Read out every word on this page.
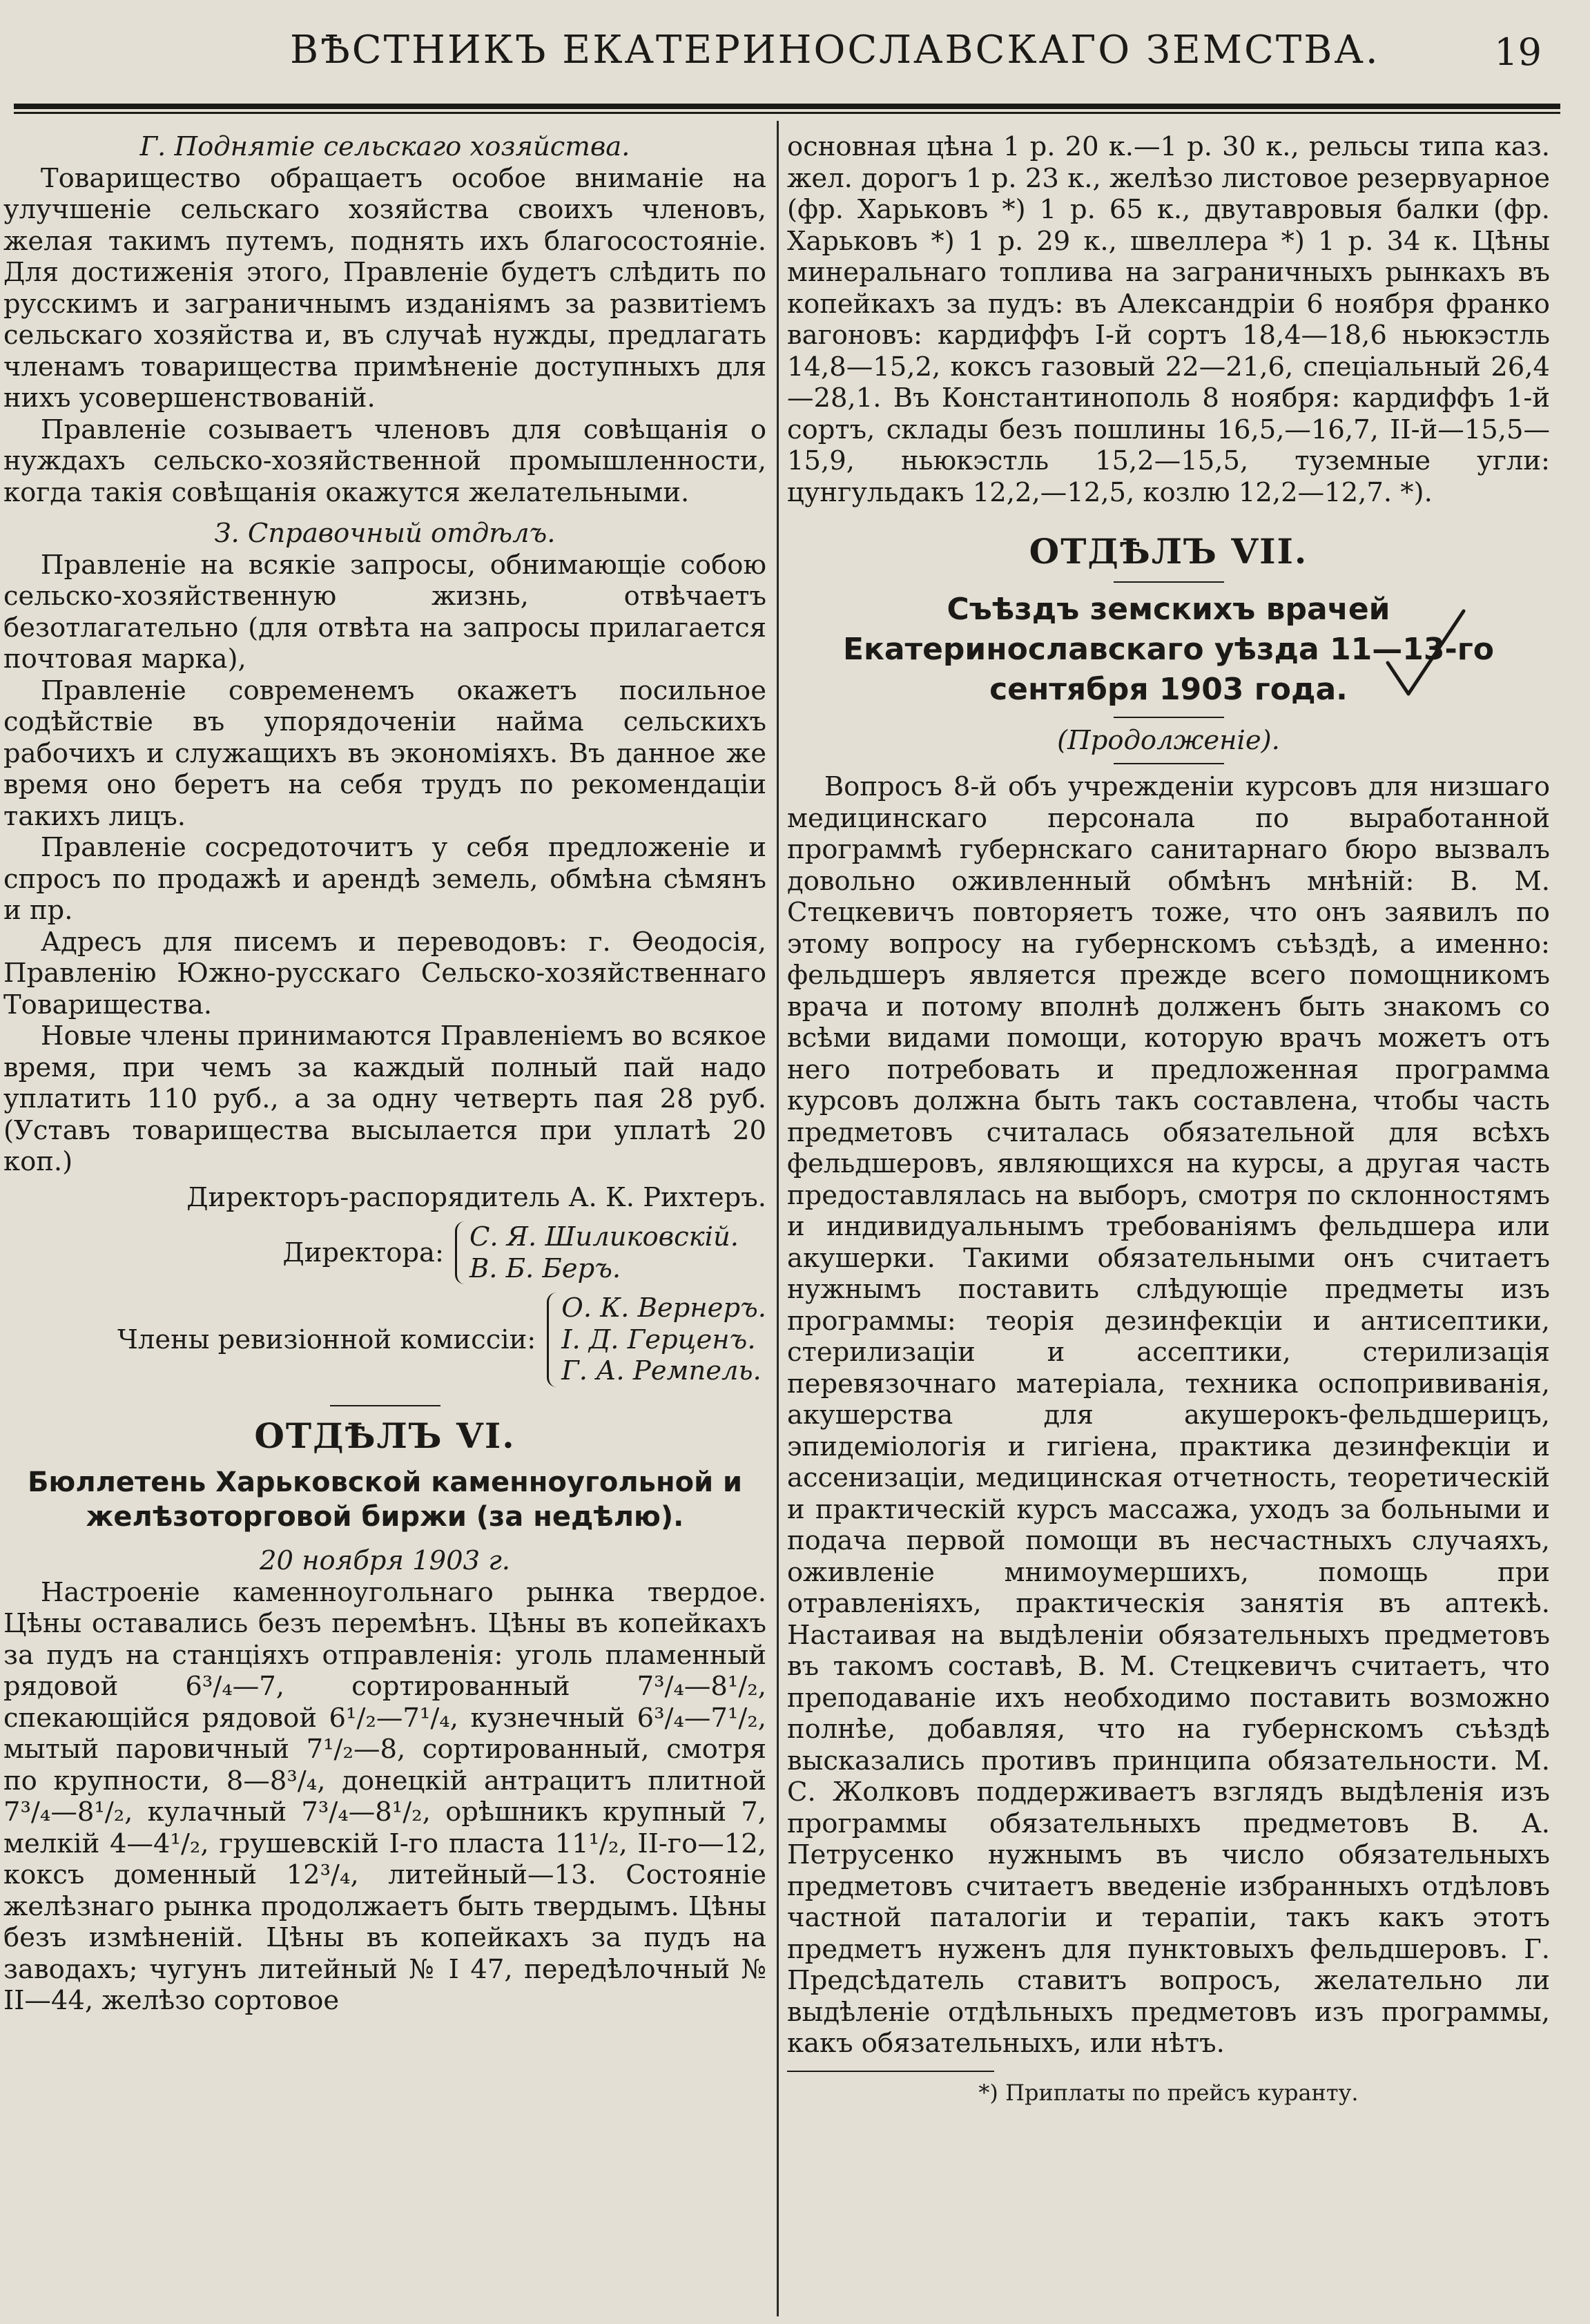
ВѢСТНИКЪ ЕКАТЕРИНОСЛАВСКАГО ЗЕМСТВА.	19

Г. Поднятіе сельскаго хозяйства.

Товарищество обращаетъ особое вниманіе на улучшеніе сельскаго хозяйства своихъ членовъ, желая такимъ путемъ, поднять ихъ благосостояніе. Для достиженія этого, Правленіе будетъ слѣдить по русскимъ и заграничнымъ изданіямъ за развитіемъ сельскаго хозяйства и, въ случаѣ нужды, предлагать членамъ товарищества примѣненіе доступныхъ для нихъ усовершенствованій.

Правленіе созываетъ членовъ для совѣщанія о нуждахъ сельско-хозяйственной промышленности, когда такія совѣщанія окажутся желательными.

З. Справочный отдѣлъ.

Правленіе на всякіе запросы, обнимающіе собою сельско-хозяйственную жизнь, отвѣчаетъ безотлагательно (для отвѣта на запросы прилагается почтовая марка),

Правленіе современемъ окажетъ посильное содѣйствіе въ упорядоченіи найма сельскихъ рабочихъ и служащихъ въ экономіяхъ. Въ данное же время оно беретъ на себя трудъ по рекомендаціи такихъ лицъ.

Правленіе сосредоточитъ у себя предложеніе и спросъ по продажѣ и арендѣ земель, обмѣна сѣмянъ и пр.

Адресъ для писемъ и переводовъ: г. Ѳеодосія, Правленію Южно-русскаго Сельско-хозяйственнаго Товарищества.

Новые члены принимаются Правленіемъ во всякое время, при чемъ за каждый полный пай надо уплатить 110 руб., а за одну четверть пая 28 руб. (Уставъ товарищества высылается при уплатѣ 20 коп.)

Директоръ-распорядитель А. К. Рихтеръ.

Директора:
С. Я. Шиликовскій.
В. Б. Беръ.
Члены ревизіонной комиссіи:
О. К. Вернеръ.
І. Д. Герценъ.
Г. А. Ремпель.

ОТДѢЛЪ VI.

Бюллетень Харьковской каменноугольной и желѣзоторговой биржи (за недѣлю).

20 ноября 1903 г.

Настроеніе каменноугольнаго рынка твердое. Цѣны оставались безъ перемѣнъ. Цѣны въ копейкахъ за пудъ на станціяхъ отправленія: уголь пламенный рядовой 6³/₄—7, сортированный 7³/₄—8¹/₂, спекающійся рядовой 6¹/₂—7¹/₄, кузнечный 6³/₄—7¹/₂, мытый паровичный 7¹/₂—8, сортированный, смотря по крупности, 8—8³/₄, донецкій антрацитъ плитной 7³/₄—8¹/₂, кулачный 7³/₄—8¹/₂, орѣшникъ крупный 7, мелкій 4—4¹/₂, грушевскій І-го пласта 11¹/₂, ІІ-го—12, коксъ доменный 12³/₄, литейный—13. Состояніе желѣзнаго рынка продолжаетъ быть твердымъ. Цѣны безъ измѣненій. Цѣны въ копейкахъ за пудъ на заводахъ; чугунъ литейный № І 47, передѣлочный № ІІ—44, желѣзо сортовое

основная цѣна 1 р. 20 к.—1 р. 30 к., рельсы типа каз. жел. дорогъ 1 р. 23 к., желѣзо листовое резервуарное (фр. Харьковъ *) 1 р. 65 к., двутавровыя балки (фр. Харьковъ *) 1 р. 29 к., швеллера *) 1 р. 34 к. Цѣны минеральнаго топлива на заграничныхъ рынкахъ въ копейкахъ за пудъ: въ Александріи 6 ноября франко вагоновъ: кардиффъ І-й сортъ 18,4—18,6 ньюкэстль 14,8—15,2, коксъ газовый 22—21,6, спеціальный 26,4—28,1. Въ Константинополь 8 ноября: кардиффъ 1-й сортъ, склады безъ пошлины 16,5,—16,7, ІІ-й—15,5—15,9, ньюкэстль 15,2—15,5, туземные угли: цунгульдакъ 12,2,—12,5, козлю 12,2—12,7. *).

ОТДѢЛЪ VII.

Съѣздъ земскихъ врачей Екатеринославскаго уѣзда 11—13-го сентября 1903 года.

(Продолженіе).

Вопросъ 8-й объ учрежденіи курсовъ для низшаго медицинскаго персонала по выработанной программѣ губернскаго санитарнаго бюро вызвалъ довольно оживленный обмѣнъ мнѣній: В. М. Стецкевичъ повторяетъ тоже, что онъ заявилъ по этому вопросу на губернскомъ съѣздѣ, а именно: фельдшеръ является прежде всего помощникомъ врача и потому вполнѣ долженъ быть знакомъ со всѣми видами помощи, которую врачъ можетъ отъ него потребовать и предложенная программа курсовъ должна быть такъ составлена, чтобы часть предметовъ считалась обязательной для всѣхъ фельдшеровъ, являющихся на курсы, а другая часть предоставлялась на выборъ, смотря по склонностямъ и индивидуальнымъ требованіямъ фельдшера или акушерки. Такими обязательными онъ считаетъ нужнымъ поставить слѣдующіе предметы изъ программы: теорія дезинфекціи и антисептики, стерилизаціи и ассептики, стерилизація перевязочнаго матеріала, техника оспопрививанія, акушерства для акушерокъ-фельдшерицъ, эпидеміологія и гигіена, практика дезинфекціи и ассенизаціи, медицинская отчетность, теоретическій и практическій курсъ массажа, уходъ за больными и подача первой помощи въ несчастныхъ случаяхъ, оживленіе мнимоумершихъ, помощь при отравленіяхъ, практическія занятія въ аптекѣ. Настаивая на выдѣленіи обязательныхъ предметовъ въ такомъ составѣ, В. М. Стецкевичъ считаетъ, что преподаваніе ихъ необходимо поставить возможно полнѣе, добавляя, что на губернскомъ съѣздѣ высказались противъ принципа обязательности. М. С. Жолковъ поддерживаетъ взглядъ выдѣленія изъ программы обязательныхъ предметовъ В. А. Петрусенко нужнымъ въ число обязательныхъ предметовъ считаетъ введеніе избранныхъ отдѣловъ частной паталогіи и терапіи, такъ какъ этотъ предметъ нуженъ для пунктовыхъ фельдшеровъ. Г. Предсѣдатель ставитъ вопросъ, желательно ли выдѣленіе отдѣльныхъ предметовъ изъ программы, какъ обязательныхъ, или нѣтъ.

*) Приплаты по прейсъ куранту.
